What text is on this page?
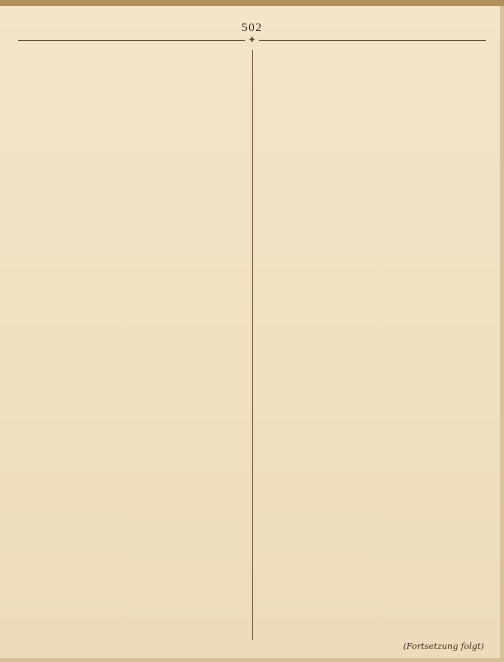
502
✦
(Fortsetzung folgt)
